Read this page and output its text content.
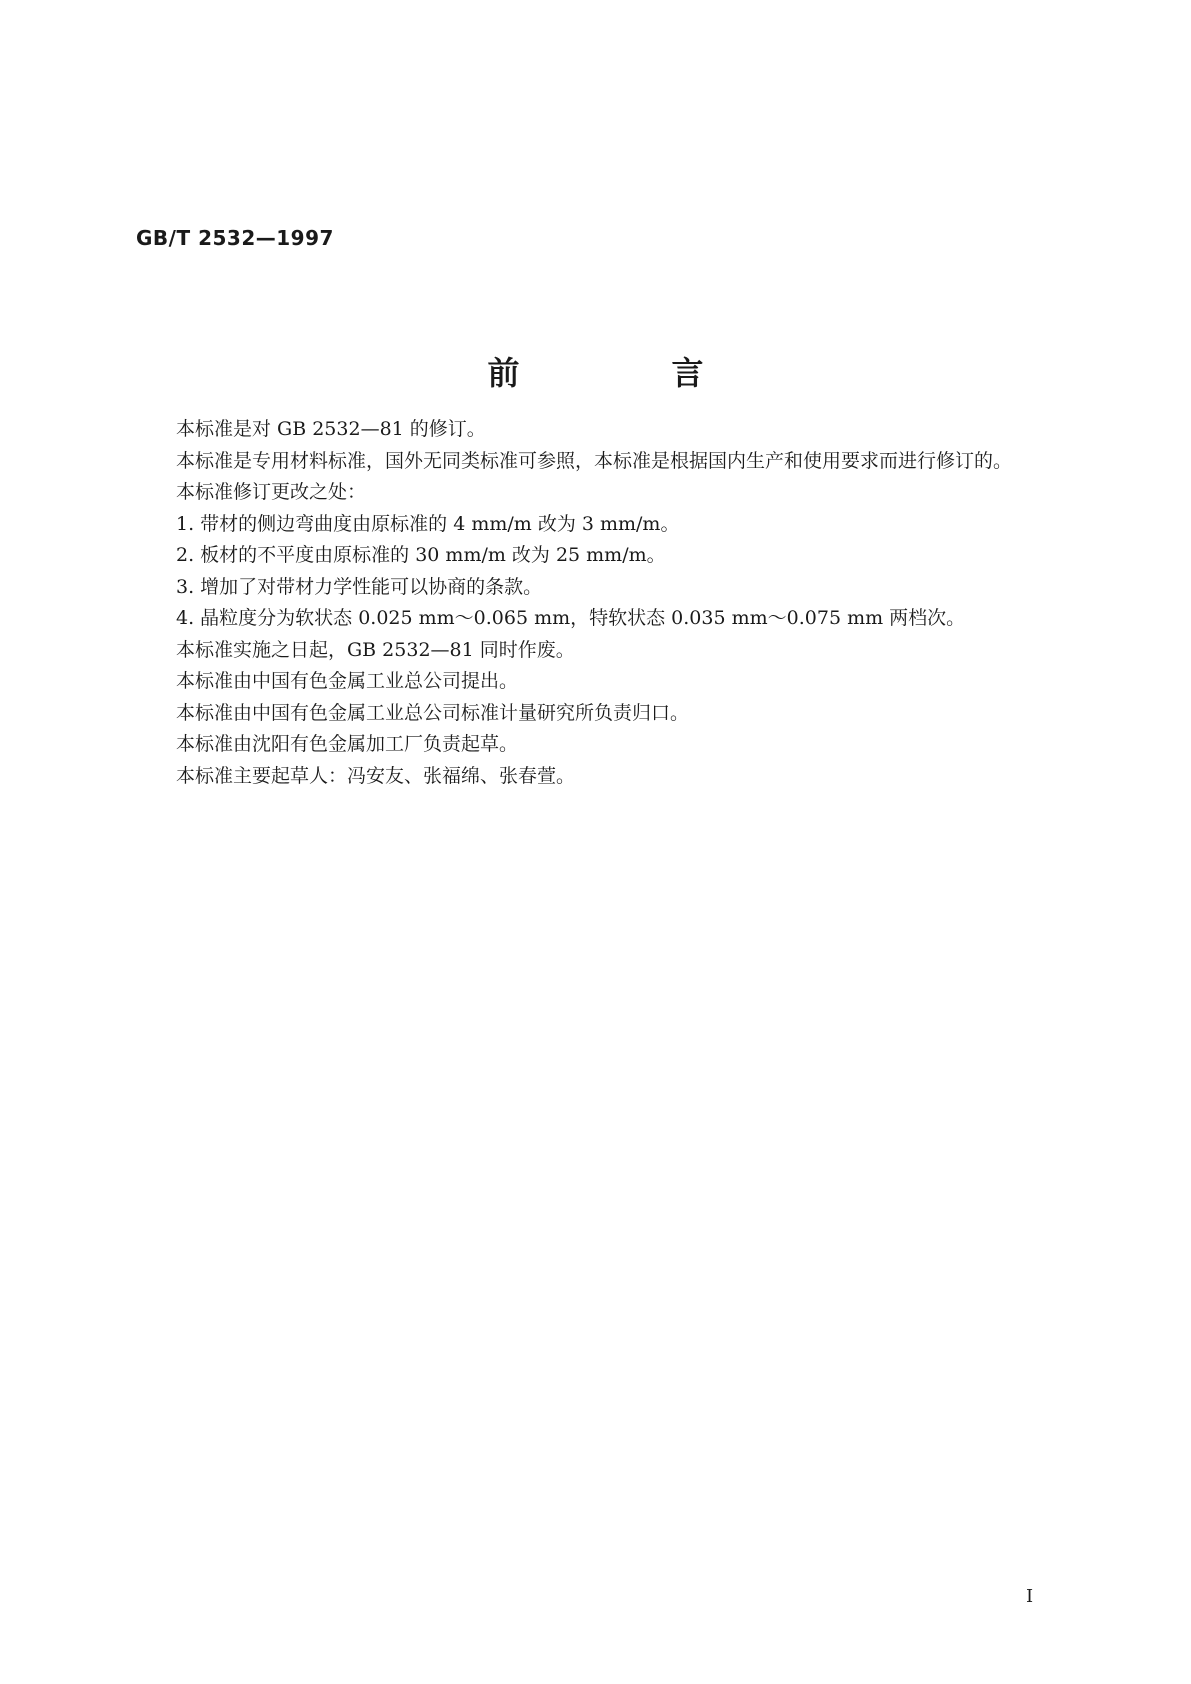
GB/T 2532—1997

前　言

本标准是对 GB 2532—81 的修订。

本标准是专用材料标准，国外无同类标准可参照，本标准是根据国内生产和使用要求而进行修订的。

本标准修订更改之处：

1. 带材的侧边弯曲度由原标准的 4 mm/m 改为 3 mm/m。

2. 板材的不平度由原标准的 30 mm/m 改为 25 mm/m。

3. 增加了对带材力学性能可以协商的条款。

4. 晶粒度分为软状态 0.025 mm～0.065 mm，特软状态 0.035 mm～0.075 mm 两档次。

本标准实施之日起，GB 2532—81 同时作废。

本标准由中国有色金属工业总公司提出。

本标准由中国有色金属工业总公司标准计量研究所负责归口。

本标准由沈阳有色金属加工厂负责起草。

本标准主要起草人：冯安友、张福绵、张春萱。

I
